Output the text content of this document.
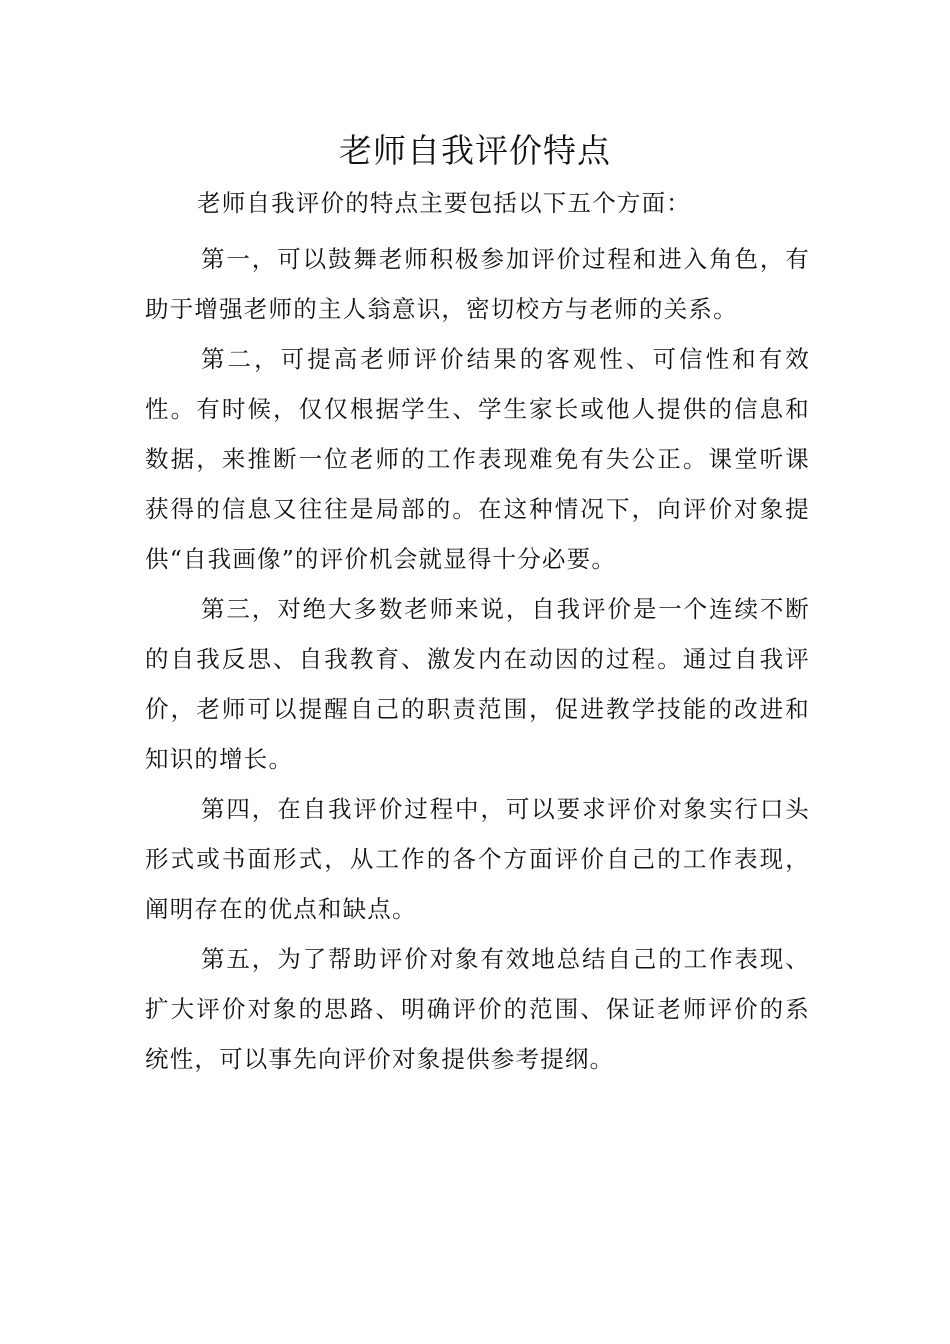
老师自我评价特点

老师自我评价的特点主要包括以下五个方面：

第一，可以鼓舞老师积极参加评价过程和进入角色，有助于增强老师的主人翁意识，密切校方与老师的关系。

第二，可提高老师评价结果的客观性、可信性和有效性。有时候，仅仅根据学生、学生家长或他人提供的信息和数据，来推断一位老师的工作表现难免有失公正。课堂听课获得的信息又往往是局部的。在这种情况下，向评价对象提供“自我画像”的评价机会就显得十分必要。

第三，对绝大多数老师来说，自我评价是一个连续不断的自我反思、自我教育、激发内在动因的过程。通过自我评价，老师可以提醒自己的职责范围，促进教学技能的改进和知识的增长。

第四，在自我评价过程中，可以要求评价对象实行口头形式或书面形式，从工作的各个方面评价自己的工作表现，阐明存在的优点和缺点。

第五，为了帮助评价对象有效地总结自己的工作表现、扩大评价对象的思路、明确评价的范围、保证老师评价的系统性，可以事先向评价对象提供参考提纲。
